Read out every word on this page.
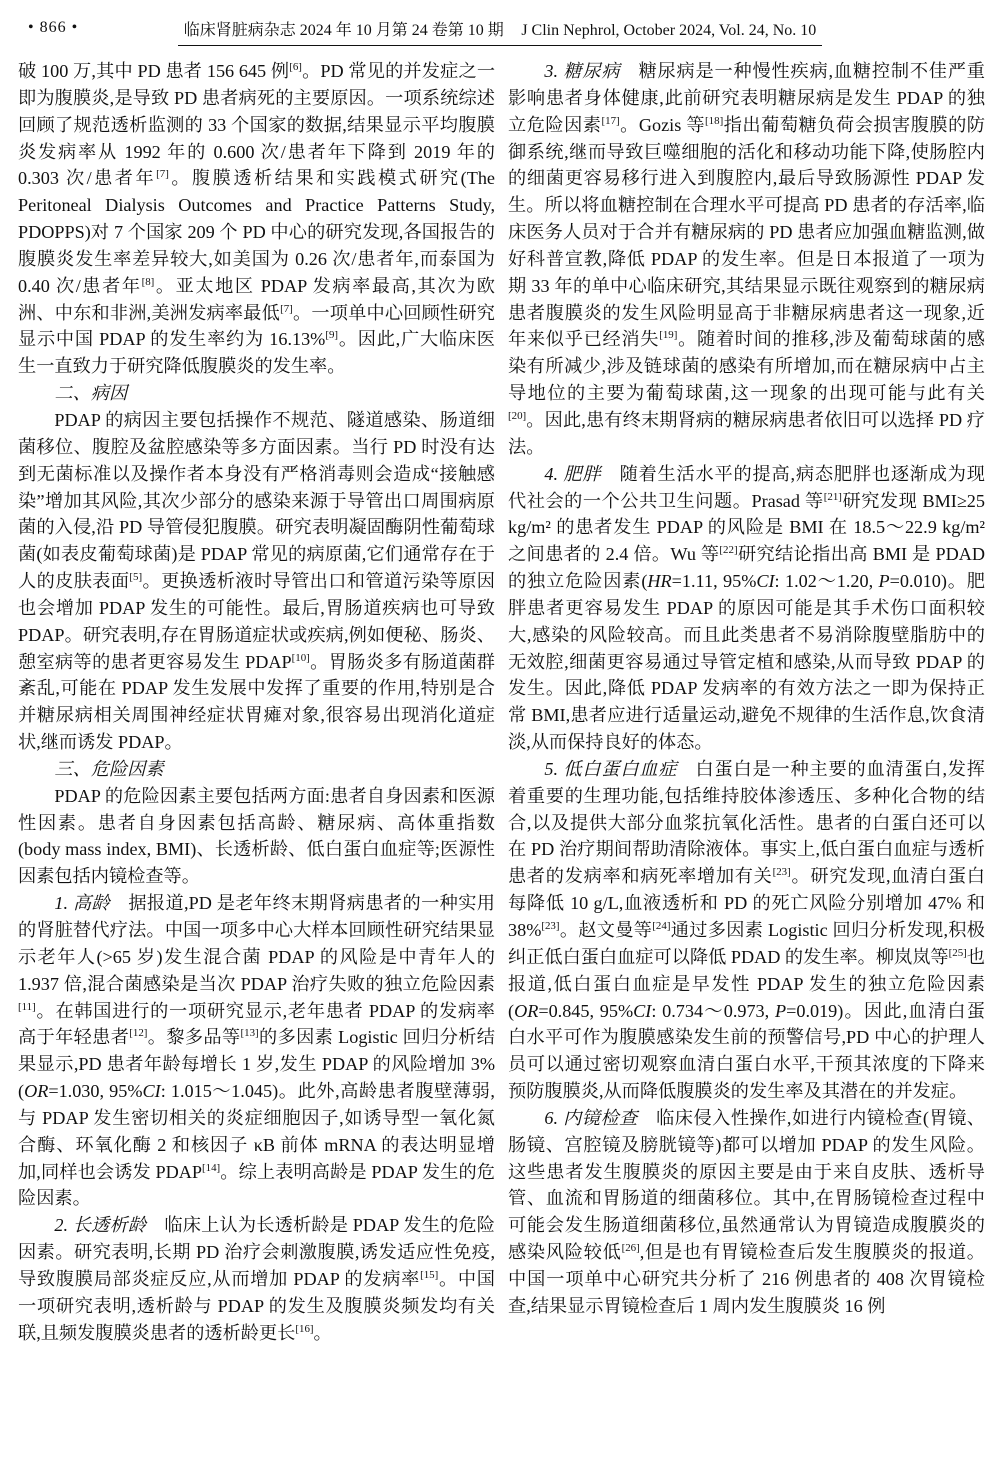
• 866 •	临床肾脏病杂志 2024 年 10 月第 24 卷第 10 期 J Clin Nephrol, October 2024, Vol. 24, No. 10

破 100 万,其中 PD 患者 156 645 例[6]。PD 常见的并发症之一即为腹膜炎,是导致 PD 患者病死的主要原因。一项系统综述回顾了规范透析监测的 33 个国家的数据,结果显示平均腹膜炎发病率从 1992 年的 0.600 次/患者年下降到 2019 年的 0.303 次/患者年[7]。腹膜透析结果和实践模式研究(The Peritoneal Dialysis Outcomes and Practice Patterns Study, PDOPPS)对 7 个国家 209 个 PD 中心的研究发现,各国报告的腹膜炎发生率差异较大,如美国为 0.26 次/患者年,而泰国为 0.40 次/患者年[8]。亚太地区 PDAP 发病率最高,其次为欧洲、中东和非洲,美洲发病率最低[7]。一项单中心回顾性研究显示中国 PDAP 的发生率约为 16.13%[9]。因此,广大临床医生一直致力于研究降低腹膜炎的发生率。

二、病因

PDAP 的病因主要包括操作不规范、隧道感染、肠道细菌移位、腹腔及盆腔感染等多方面因素。当行 PD 时没有达到无菌标准以及操作者本身没有严格消毒则会造成“接触感染”增加其风险,其次少部分的感染来源于导管出口周围病原菌的入侵,沿 PD 导管侵犯腹膜。研究表明凝固酶阴性葡萄球菌(如表皮葡萄球菌)是 PDAP 常见的病原菌,它们通常存在于人的皮肤表面[5]。更换透析液时导管出口和管道污染等原因也会增加 PDAP 发生的可能性。最后,胃肠道疾病也可导致 PDAP。研究表明,存在胃肠道症状或疾病,例如便秘、肠炎、憩室病等的患者更容易发生 PDAP[10]。胃肠炎多有肠道菌群紊乱,可能在 PDAP 发生发展中发挥了重要的作用,特别是合并糖尿病相关周围神经症状胃瘫对象,很容易出现消化道症状,继而诱发 PDAP。

三、危险因素

PDAP 的危险因素主要包括两方面:患者自身因素和医源性因素。患者自身因素包括高龄、糖尿病、高体重指数(body mass index, BMI)、长透析龄、低白蛋白血症等;医源性因素包括内镜检查等。

1. 高龄 据报道,PD 是老年终末期肾病患者的一种实用的肾脏替代疗法。中国一项多中心大样本回顾性研究结果显示老年人(>65 岁)发生混合菌 PDAP 的风险是中青年人的 1.937 倍,混合菌感染是当次 PDAP 治疗失败的独立危险因素[11]。在韩国进行的一项研究显示,老年患者 PDAP 的发病率高于年轻患者[12]。黎多品等[13]的多因素 Logistic 回归分析结果显示,PD 患者年龄每增长 1 岁,发生 PDAP 的风险增加 3%(OR=1.030, 95%CI: 1.015～1.045)。此外,高龄患者腹壁薄弱,与 PDAP 发生密切相关的炎症细胞因子,如诱导型一氧化氮合酶、环氧化酶 2 和核因子 κB 前体 mRNA 的表达明显增加,同样也会诱发 PDAP[14]。综上表明高龄是 PDAP 发生的危险因素。

2. 长透析龄 临床上认为长透析龄是 PDAP 发生的危险因素。研究表明,长期 PD 治疗会刺激腹膜,诱发适应性免疫,导致腹膜局部炎症反应,从而增加 PDAP 的发病率[15]。中国一项研究表明,透析龄与 PDAP 的发生及腹膜炎频发均有关联,且频发腹膜炎患者的透析龄更长[16]。

3. 糖尿病 糖尿病是一种慢性疾病,血糖控制不佳严重影响患者身体健康,此前研究表明糖尿病是发生 PDAP 的独立危险因素[17]。Gozis 等[18]指出葡萄糖负荷会损害腹膜的防御系统,继而导致巨噬细胞的活化和移动功能下降,使肠腔内的细菌更容易移行进入到腹腔内,最后导致肠源性 PDAP 发生。所以将血糖控制在合理水平可提高 PD 患者的存活率,临床医务人员对于合并有糖尿病的 PD 患者应加强血糖监测,做好科普宣教,降低 PDAP 的发生率。但是日本报道了一项为期 33 年的单中心临床研究,其结果显示既往观察到的糖尿病患者腹膜炎的发生风险明显高于非糖尿病患者这一现象,近年来似乎已经消失[19]。随着时间的推移,涉及葡萄球菌的感染有所减少,涉及链球菌的感染有所增加,而在糖尿病中占主导地位的主要为葡萄球菌,这一现象的出现可能与此有关[20]。因此,患有终末期肾病的糖尿病患者依旧可以选择 PD 疗法。

4. 肥胖 随着生活水平的提高,病态肥胖也逐渐成为现代社会的一个公共卫生问题。Prasad 等[21]研究发现 BMI≥25 kg/m² 的患者发生 PDAP 的风险是 BMI 在 18.5～22.9 kg/m² 之间患者的 2.4 倍。Wu 等[22]研究结论指出高 BMI 是 PDAD 的独立危险因素(HR=1.11, 95%CI: 1.02～1.20, P=0.010)。肥胖患者更容易发生 PDAP 的原因可能是其手术伤口面积较大,感染的风险较高。而且此类患者不易消除腹壁脂肪中的无效腔,细菌更容易通过导管定植和感染,从而导致 PDAP 的发生。因此,降低 PDAP 发病率的有效方法之一即为保持正常 BMI,患者应进行适量运动,避免不规律的生活作息,饮食清淡,从而保持良好的体态。

5. 低白蛋白血症 白蛋白是一种主要的血清蛋白,发挥着重要的生理功能,包括维持胶体渗透压、多种化合物的结合,以及提供大部分血浆抗氧化活性。患者的白蛋白还可以在 PD 治疗期间帮助清除液体。事实上,低白蛋白血症与透析患者的发病率和病死率增加有关[23]。研究发现,血清白蛋白每降低 10 g/L,血液透析和 PD 的死亡风险分别增加 47% 和 38%[23]。赵文曼等[24]通过多因素 Logistic 回归分析发现,积极纠正低白蛋白血症可以降低 PDAD 的发生率。柳岚岚等[25]也报道,低白蛋白血症是早发性 PDAP 发生的独立危险因素(OR=0.845, 95%CI: 0.734～0.973, P=0.019)。因此,血清白蛋白水平可作为腹膜感染发生前的预警信号,PD 中心的护理人员可以通过密切观察血清白蛋白水平,干预其浓度的下降来预防腹膜炎,从而降低腹膜炎的发生率及其潜在的并发症。

6. 内镜检查 临床侵入性操作,如进行内镜检查(胃镜、肠镜、宫腔镜及膀胱镜等)都可以增加 PDAP 的发生风险。这些患者发生腹膜炎的原因主要是由于来自皮肤、透析导管、血流和胃肠道的细菌移位。其中,在胃肠镜检查过程中可能会发生肠道细菌移位,虽然通常认为胃镜造成腹膜炎的感染风险较低[26],但是也有胃镜检查后发生腹膜炎的报道。中国一项单中心研究共分析了 216 例患者的 408 次胃镜检查,结果显示胃镜检查后 1 周内发生腹膜炎 16 例
